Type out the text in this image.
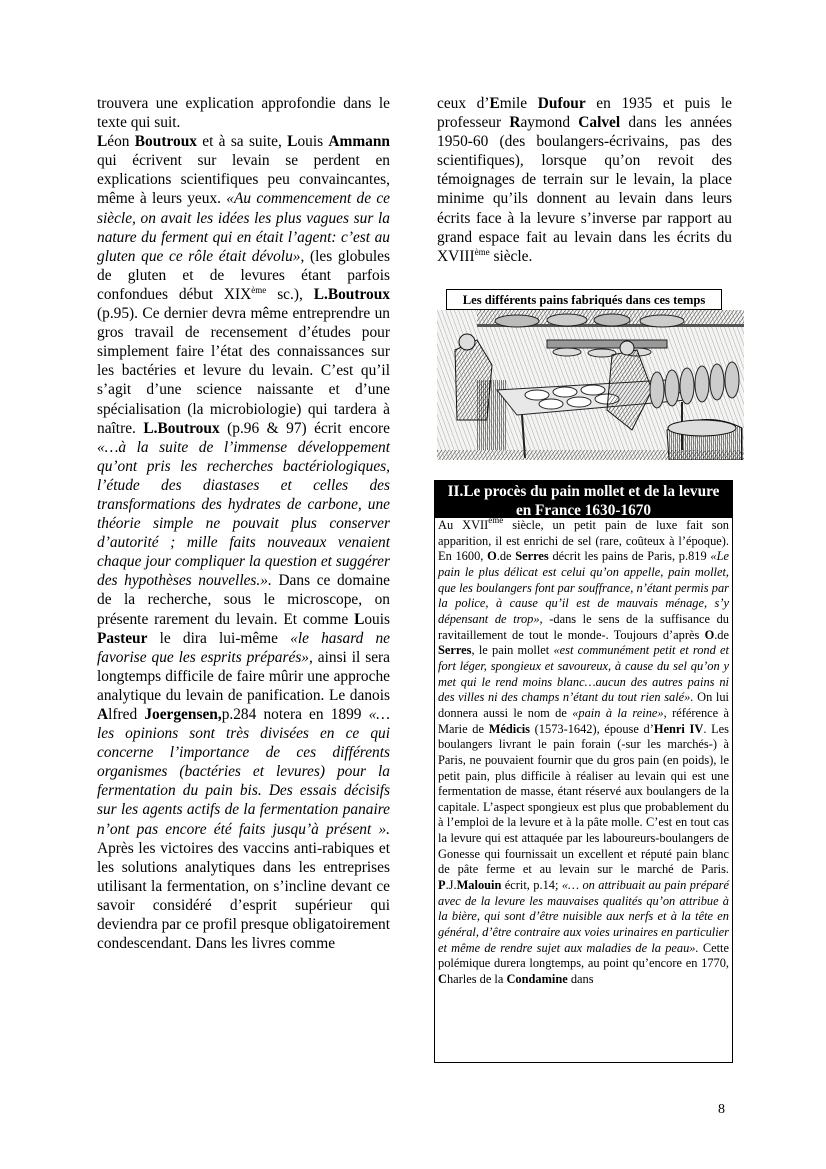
trouvera une explication approfondie dans le texte qui suit.

Léon Boutroux et à sa suite, Louis Ammann qui écrivent sur levain se perdent en explications scientifiques peu convaincantes, même à leurs yeux. «Au commencement de ce siècle, on avait les idées les plus vagues sur la nature du ferment qui en était l’agent: c’est au gluten que ce rôle était dévolu», (les globules de gluten et de levures étant parfois confondues début XIXème sc.), L.Boutroux (p.95). Ce dernier devra même entreprendre un gros travail de recensement d’études pour simplement faire l’état des connaissances sur les bactéries et levure du levain. C’est qu’il s’agit d’une science naissante et d’une spécialisation (la microbiologie) qui tardera à naître. L.Boutroux (p.96 & 97) écrit encore «…à la suite de l’immense développement qu’ont pris les recherches bactériologiques, l’étude des diastases et celles des transformations des hydrates de carbone, une théorie simple ne pouvait plus conserver d’autorité ; mille faits nouveaux venaient chaque jour compliquer la question et suggérer des hypothèses nouvelles.». Dans ce domaine de la recherche, sous le microscope, on présente rarement du levain. Et comme Louis Pasteur le dira lui-même «le hasard ne favorise que les esprits préparés», ainsi il sera longtemps difficile de faire mûrir une approche analytique du levain de panification. Le danois Alfred Joergensen,p.284 notera en 1899 «…les opinions sont très divisées en ce qui concerne l’importance de ces différents organismes (bactéries et levures) pour la fermentation du pain bis. Des essais décisifs sur les agents actifs de la fermentation panaire n’ont pas encore été faits jusqu’à présent ». Après les victoires des vaccins anti-rabiques et les solutions analytiques dans les entreprises utilisant la fermentation, on s’incline devant ce savoir considéré d’esprit supérieur qui deviendra par ce profil presque obligatoirement condescendant. Dans les livres comme

ceux d’Emile Dufour en 1935 et puis le professeur Raymond Calvel dans les années 1950-60 (des boulangers-écrivains, pas des scientifiques), lorsque qu’on revoit des témoignages de terrain sur le levain, la place minime qu’ils donnent au levain dans leurs écrits face à la levure s’inverse par rapport au grand espace fait au levain dans les écrits du XVIIIème siècle.

Les différents pains fabriqués dans ces temps
II.Le procès du pain mollet et de la levure en France 1630-1670
Au XVIIème siècle, un petit pain de luxe fait son apparition, il est enrichi de sel (rare, coûteux à l’époque). En 1600, O.de Serres décrit les pains de Paris, p.819 «Le pain le plus délicat est celui qu’on appelle, pain mollet, que les boulangers font par souffrance, n’étant permis par la police, à cause qu’il est de mauvais ménage, s’y dépensant de trop», -dans le sens de la suffisance du ravitaillement de tout le monde-. Toujours d’après O.de Serres, le pain mollet «est communément petit et rond et fort léger, spongieux et savoureux, à cause du sel qu’on y met qui le rend moins blanc…aucun des autres pains ni des villes ni des champs n’étant du tout rien salé». On lui donnera aussi le nom de «pain à la reine», référence à Marie de Médicis (1573-1642), épouse d’Henri IV. Les boulangers livrant le pain forain (-sur les marchés-) à Paris, ne pouvaient fournir que du gros pain (en poids), le petit pain, plus difficile à réaliser au levain qui est une fermentation de masse, étant réservé aux boulangers de la capitale. L’aspect spongieux est plus que probablement du à l’emploi de la levure et à la pâte molle. C’est en tout cas la levure qui est attaquée par les laboureurs-boulangers de Gonesse qui fournissait un excellent et réputé pain blanc de pâte ferme et au levain sur le marché de Paris. P.J.Malouin écrit, p.14; «… on attribuait au pain préparé avec de la levure les mauvaises qualités qu’on attribue à la bière, qui sont d’être nuisible aux nerfs et à la tête en général, d’être contraire aux voies urinaires en particulier et même de rendre sujet aux maladies de la peau». Cette polémique durera longtemps, au point qu’encore en 1770, Charles de la Condamine dans
8
